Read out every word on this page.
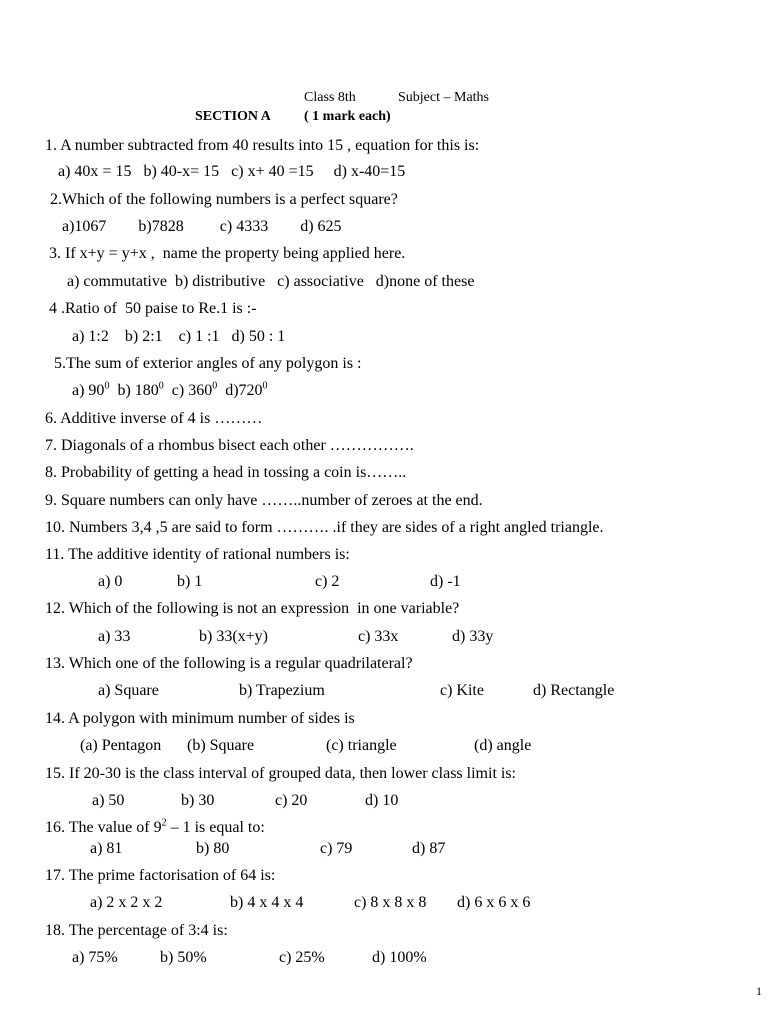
Class 8th	Subject – Maths
SECTION A ( 1 mark each)
1. A number subtracted from 40 results into 15 , equation for this is:
a) 40x = 15   b) 40-x= 15   c) x+ 40 =15     d) x-40=15
2.Which of the following numbers is a perfect square?
a)1067        b)7828         c) 4333        d) 625
3. If x+y = y+x ,  name the property being applied here.
a) commutative  b) distributive   c) associative   d)none of these
4 .Ratio of  50 paise to Re.1 is :-
a) 1:2    b) 2:1    c) 1 :1   d) 50 : 1
5.The sum of exterior angles of any polygon is :
a) $90^0$  b) $180^0$  c) $360^0$  $d)720^0$
6. Additive inverse of 4 is ………
7. Diagonals of a rhombus bisect each other …………….
8. Probability of getting a head in tossing a coin is……..
9. Square numbers can only have ……..number of zeroes at the end.
10. Numbers 3,4 ,5 are said to form ………. .if they are sides of a right angled triangle.
11. The additive identity of rational numbers is:
a) 0	b) 1	c) 2	d) -1
12. Which of the following is not an expression  in one variable?
a) 33	b) 33(x+y)	c) 33x	d) 33y
13. Which one of the following is a regular quadrilateral?
a) Square	b) Trapezium	c) Kite	d) Rectangle
14. A polygon with minimum number of sides is
(a) Pentagon (b) Square	(c) triangle	(d) angle
15. If 20-30 is the class interval of grouped data, then lower class limit is:
a) 50	b) 30	c) 20	d) 10
16. The value of $9^2 - 1$ is equal to:
a) 81	b) 80	c) 79	d) 87
17. The prime factorisation of 64 is:
a) 2 x 2 x 2	b) 4 x 4 x 4	c) 8 x 8 x 8 d) 6 x 6 x 6
18. The percentage of 3:4 is:
a) 75%	b) 50%	c) 25%	d) 100%
1
